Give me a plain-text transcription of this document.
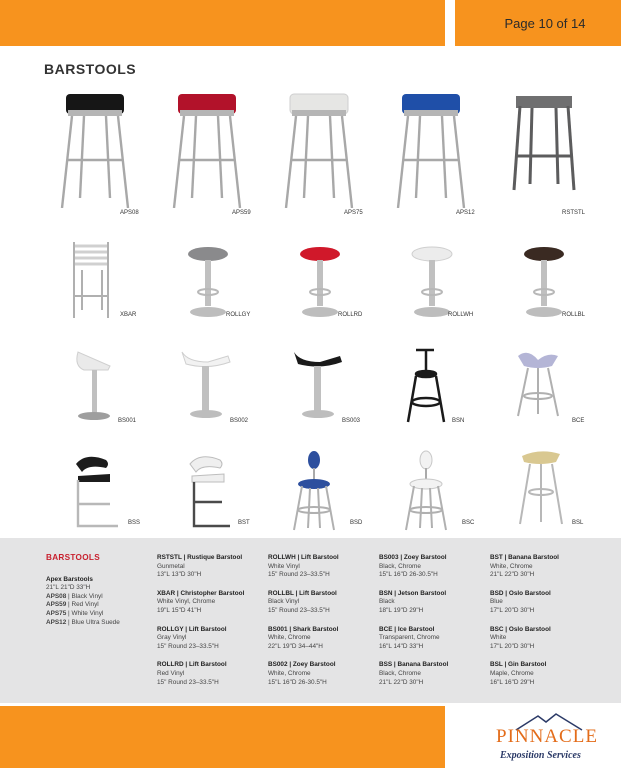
Page 10 of 14
BARSTOOLS
APS08	APS59	APS75	APS12	RSTSTL
XBAR	ROLLGY	ROLLRD	ROLLWH	ROLLBL
BS001	BS002	BS003	BSN	BCE
BSS	BST	BSD	BSC	BSL
BARSTOOLS
Apex Barstools
21"L 21"D 33"H
APS08 | Black Vinyl
APS59 | Red Vinyl
APS75 | White Vinyl
APS12 | Blue Ultra Suede
RSTSTL | Rustique Barstool
Gunmetal
13"L 13"D 30"H
XBAR | Christopher Barstool
White Vinyl, Chrome
19"L 15"D 41"H
ROLLGY | Lift Barstool
Gray Vinyl
15" Round 23–33.5"H
ROLLRD | Lift Barstool
Red Vinyl
15" Round 23–33.5"H
ROLLWH | Lift Barstool
White Vinyl
15" Round 23–33.5"H
ROLLBL | Lift Barstool
Black Vinyl
15" Round 23–33.5"H
BS001 | Shark Barstool
White, Chrome
22"L 19"D 34–44"H
BS002 | Zoey Barstool
White, Chrome
15"L 16"D 26-30.5"H
BS003 | Zoey Barstool
Black, Chrome
15"L 16"D 26-30.5"H
BSN | Jetson Barstool
Black
18"L 19"D 29"H
BCE | Ice Barstool
Transparent, Chrome
16"L 14"D 33"H
BSS | Banana Barstool
Black, Chrome
21"L 22"D 30"H
BST | Banana Barstool
White, Chrome
21"L 22"D 30"H
BSD | Oslo Barstool
Blue
17"L 20"D 30"H
BSC | Oslo Barstool
White
17"L 20"D 30"H
BSL | Gin Barstool
Maple, Chrome
16"L 16"D 29"H
PINNACLE
Exposition Services
